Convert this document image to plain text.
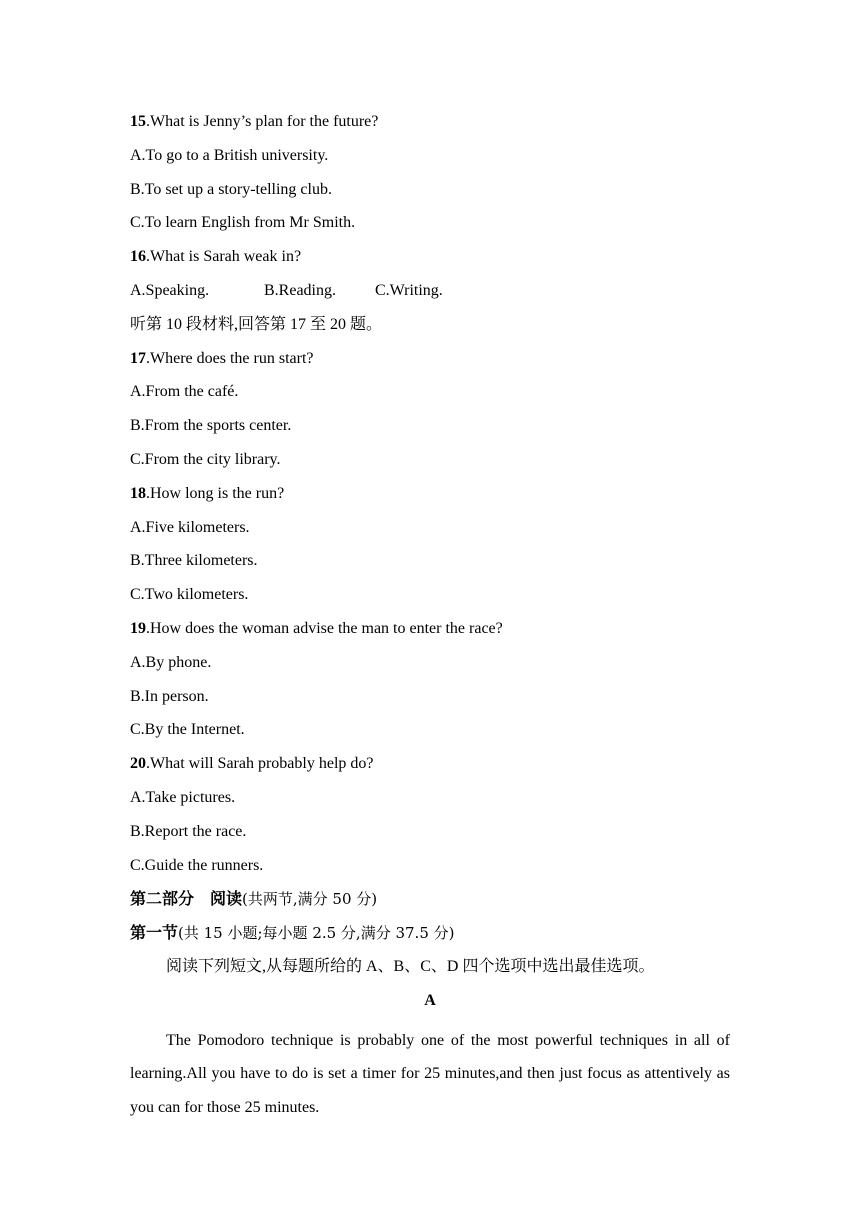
15.What is Jenny’s plan for the future?
A.To go to a British university.
B.To set up a story-telling club.
C.To learn English from Mr Smith.
16.What is Sarah weak in?
A.Speaking.	B.Reading. C.Writing.
听第 10 段材料,回答第 17 至 20 题。
17.Where does the run start?
A.From the café.
B.From the sports center.
C.From the city library.
18.How long is the run?
A.Five kilometers.
B.Three kilometers.
C.Two kilometers.
19.How does the woman advise the man to enter the race?
A.By phone.
B.In person.
C.By the Internet.
20.What will Sarah probably help do?
A.Take pictures.
B.Report the race.
C.Guide the runners.
第二部分　阅读(共两节,满分 50 分)
第一节(共 15 小题;每小题 2.5 分,满分 37.5 分)
阅读下列短文,从每题所给的 A、B、C、D 四个选项中选出最佳选项。
A
The Pomodoro technique is probably one of the most powerful techniques in all of learning.All you have to do is set a timer for 25 minutes,and then just focus as attentively as you can for those 25 minutes.
